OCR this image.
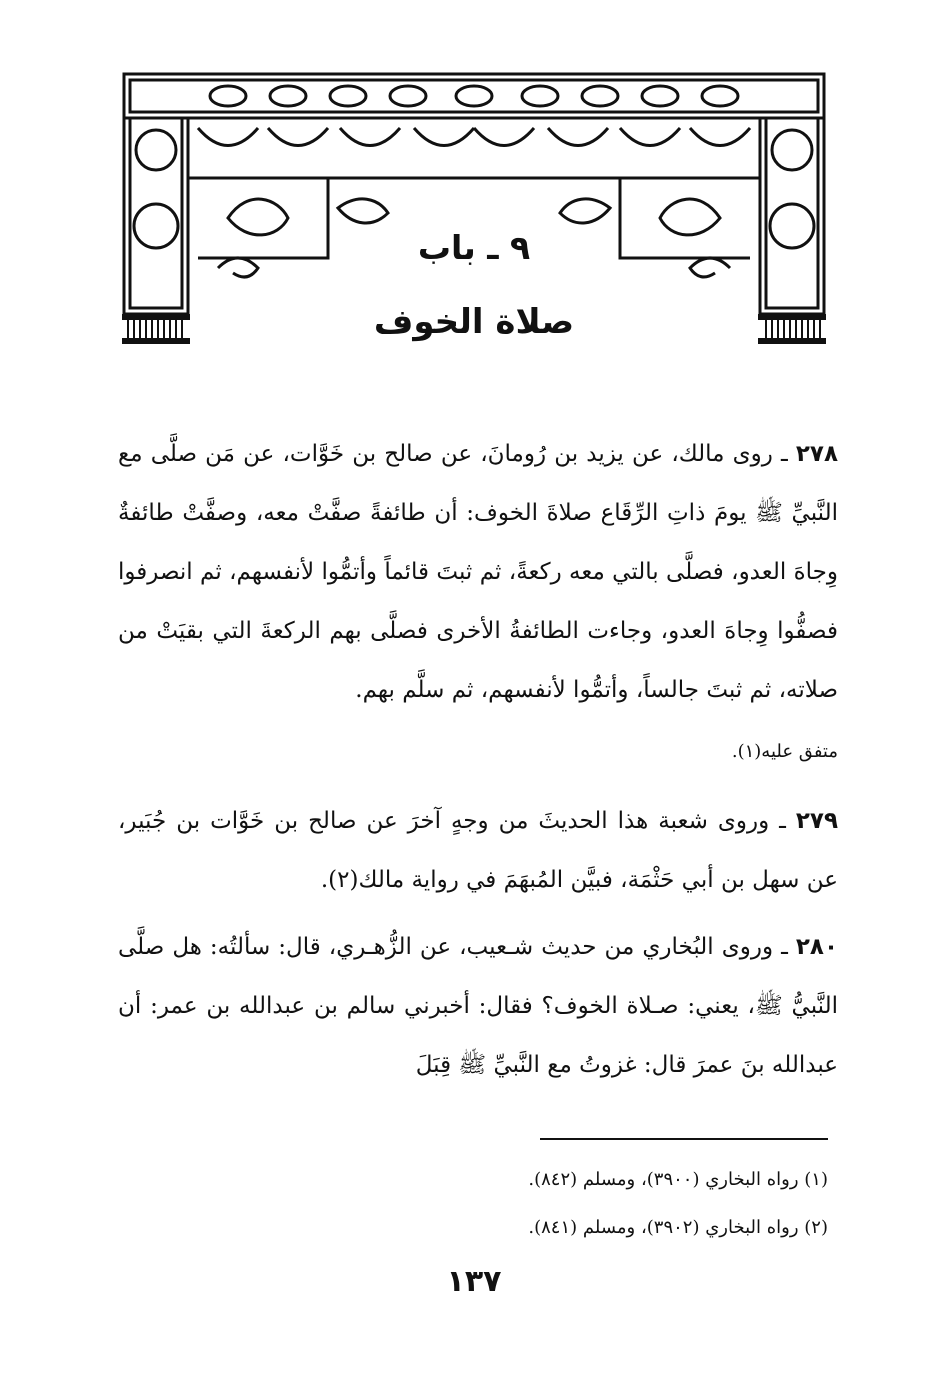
٩ ـ باب
صلاة الخوف

٢٧٨ ـ روى مالك، عن يزيد بن رُومانَ، عن صالح بن خَوَّات، عن مَن صلَّى مع النَّبيِّ ﷺ يومَ ذاتِ الرِّقَاع صلاةَ الخوف: أن طائفةً صفَّتْ معه، وصفَّتْ طائفةٌ وِجاهَ العدو، فصلَّى بالتي معه ركعةً، ثم ثبتَ قائماً وأتمُّوا لأنفسهم، ثم انصرفوا فصفُّوا وِجاهَ العدو، وجاءت الطائفةُ الأخرى فصلَّى بهم الركعةَ التي بقيَتْ من صلاته، ثم ثبتَ جالساً، وأتمُّوا لأنفسهم، ثم سلَّم بهم.

متفق عليه(١).

٢٧٩ ـ وروى شعبة هذا الحديثَ من وجهٍ آخرَ عن صالح بن خَوَّات بن جُبَير، عن سهل بن أبي حَثْمَة، فبيَّن المُبهَمَ في رواية مالك(٢).

٢٨٠ ـ وروى البُخاري من حديث شـعيب، عن الزُّهـري، قال: سألتُه: هل صلَّى النَّبيُّ ﷺ، يعني: صـلاة الخوف؟ فقال: أخبرني سالم بن عبدالله بن عمر: أن عبدالله بنَ عمرَ قال: غزوتُ مع النَّبيِّ ﷺ قِبَلَ

(١) رواه البخاري (٣٩٠٠)، ومسلم (٨٤٢).

(٢) رواه البخاري (٣٩٠٢)، ومسلم (٨٤١).

١٣٧
